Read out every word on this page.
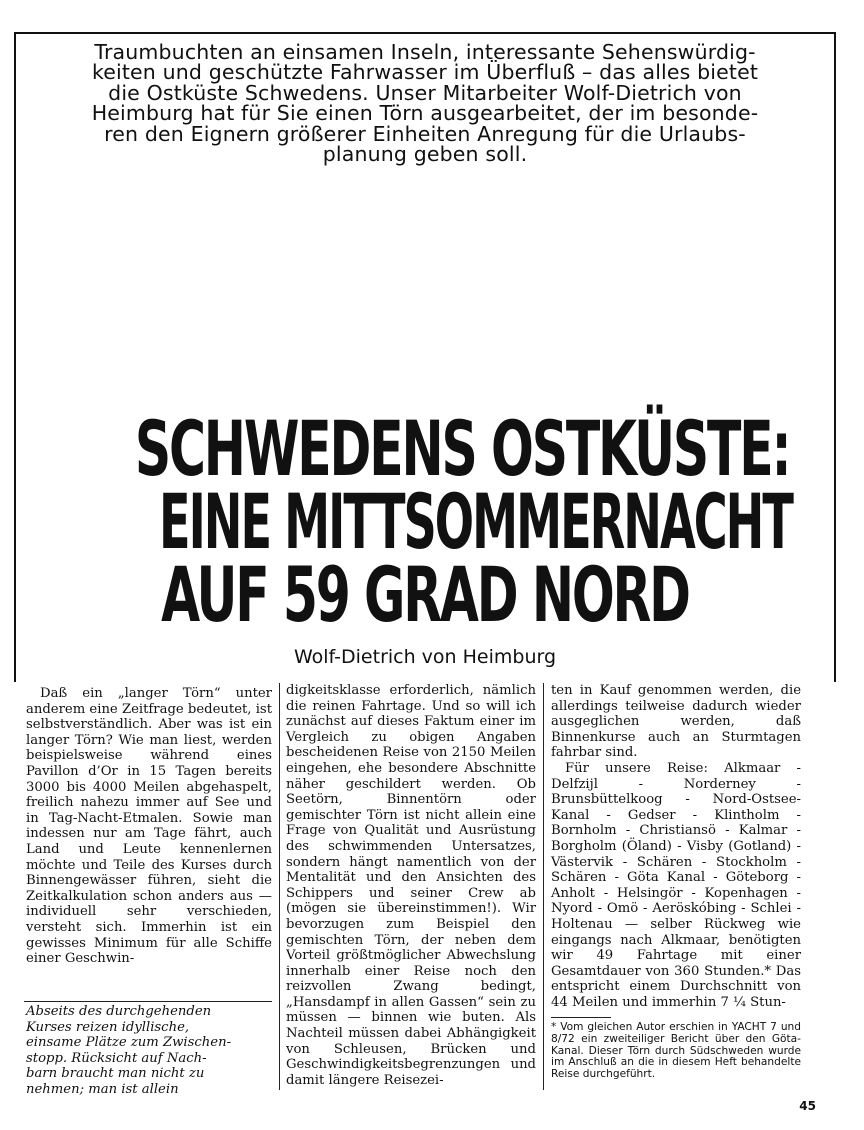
Traumbuchten an einsamen Inseln, interessante Sehenswürdig-
keiten und geschützte Fahrwasser im Überfluß – das alles bietet
die Ostküste Schwedens. Unser Mitarbeiter Wolf-Dietrich von
Heimburg hat für Sie einen Törn ausgearbeitet, der im besonde-
ren den Eignern größerer Einheiten Anregung für die Urlaubs-
planung geben soll.
SCHWEDENS OSTKÜSTE:
EINE MITTSOMMERNACHT
AUF 59 GRAD NORD
Wolf-Dietrich von Heimburg

Daß ein „langer Törn“ unter anderem eine Zeitfrage bedeutet, ist selbstverständlich. Aber was ist ein langer Törn? Wie man liest, werden beispielsweise während eines Pavillon d’Or in 15 Tagen bereits 3000 bis 4000 Meilen abgehaspelt, freilich nahezu immer auf See und in Tag-Nacht-Etmalen. Sowie man indessen nur am Tage fährt, auch Land und Leute kennenlernen möchte und Teile des Kurses durch Binnengewässer führen, sieht die Zeitkalkulation schon anders aus — individuell sehr verschieden, versteht sich. Immerhin ist ein gewisses Minimum für alle Schiffe einer Geschwin-

Abseits des durchgehenden
Kurses reizen idyllische,
einsame Plätze zum Zwischen-
stopp. Rücksicht auf Nach-
barn braucht man nicht zu
nehmen; man ist allein

digkeitsklasse erforderlich, nämlich die reinen Fahrtage. Und so will ich zunächst auf dieses Faktum einer im Vergleich zu obigen Angaben bescheidenen Reise von 2150 Meilen eingehen, ehe besondere Abschnitte näher geschildert werden. Ob Seetörn, Binnentörn oder gemischter Törn ist nicht allein eine Frage von Qualität und Ausrüstung des schwimmenden Untersatzes, sondern hängt namentlich von der Mentalität und den Ansichten des Schippers und seiner Crew ab (mögen sie übereinstimmen!). Wir bevorzugen zum Beispiel den gemischten Törn, der neben dem Vorteil größtmöglicher Abwechslung innerhalb einer Reise noch den reizvollen Zwang bedingt, „Hansdampf in allen Gassen“ sein zu müssen — binnen wie buten. Als Nachteil müssen dabei Abhängigkeit von Schleusen, Brücken und Geschwindigkeitsbegrenzungen und damit längere Reisezei-

ten in Kauf genommen werden, die allerdings teilweise dadurch wieder ausgeglichen werden, daß Binnenkurse auch an Sturmtagen fahrbar sind.

Für unsere Reise: Alkmaar - Delfzijl - Norderney - Brunsbüttelkoog - Nord-Ostsee-Kanal - Gedser - Klintholm - Bornholm - Christiansö - Kalmar - Borgholm (Öland) - Visby (Gotland) - Västervik - Schären - Stockholm - Schären - Göta Kanal - Göteborg - Anholt - Helsingör - Kopenhagen - Nyord - Omö - Aeröskóbing - Schlei - Holtenau — selber Rückweg wie eingangs nach Alkmaar, benötigten wir 49 Fahrtage mit einer Gesamtdauer von 360 Stunden.* Das entspricht einem Durchschnitt von 44 Meilen und immerhin 7 ¼ Stun-

* Vom gleichen Autor erschien in YACHT 7 und 8/72 ein zweiteiliger Bericht über den Göta-Kanal. Dieser Törn durch Südschweden wurde im Anschluß an die in diesem Heft behandelte Reise durchgeführt.
45
